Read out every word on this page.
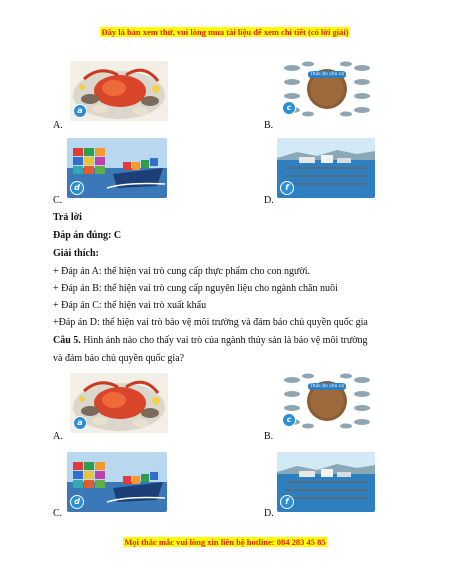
Đây là bản xem thử, vui lòng mua tài liệu để xem chi tiết (có lời giải)
a
A.
Thức ăn cho cá
c
B.
d
C.
f
D.
Trả lời
Đáp án đúng: C
Giải thích:
+ Đáp án A: thể hiện vai trò cung cấp thực phẩm cho con người.
+ Đáp án B: thể hiện vai trò cung cấp nguyên liệu cho ngành chăn nuôi
+ Đáp án C: thể hiện vai trò xuất khẩu
+Đáp án D: thể hiện vai trò bảo vệ môi trường và đảm bảo chủ quyền quốc gia
Câu 5. Hình ảnh nào cho thấy vai trò của ngành thủy sản là bảo vệ môi trường
và đảm bảo chủ quyền quốc gia?
a
A.
Thức ăn cho cá
c
B.
d
C.
f
D.
Mọi thắc mắc vui lòng xin liên hệ hotline: 084 283 45 85
